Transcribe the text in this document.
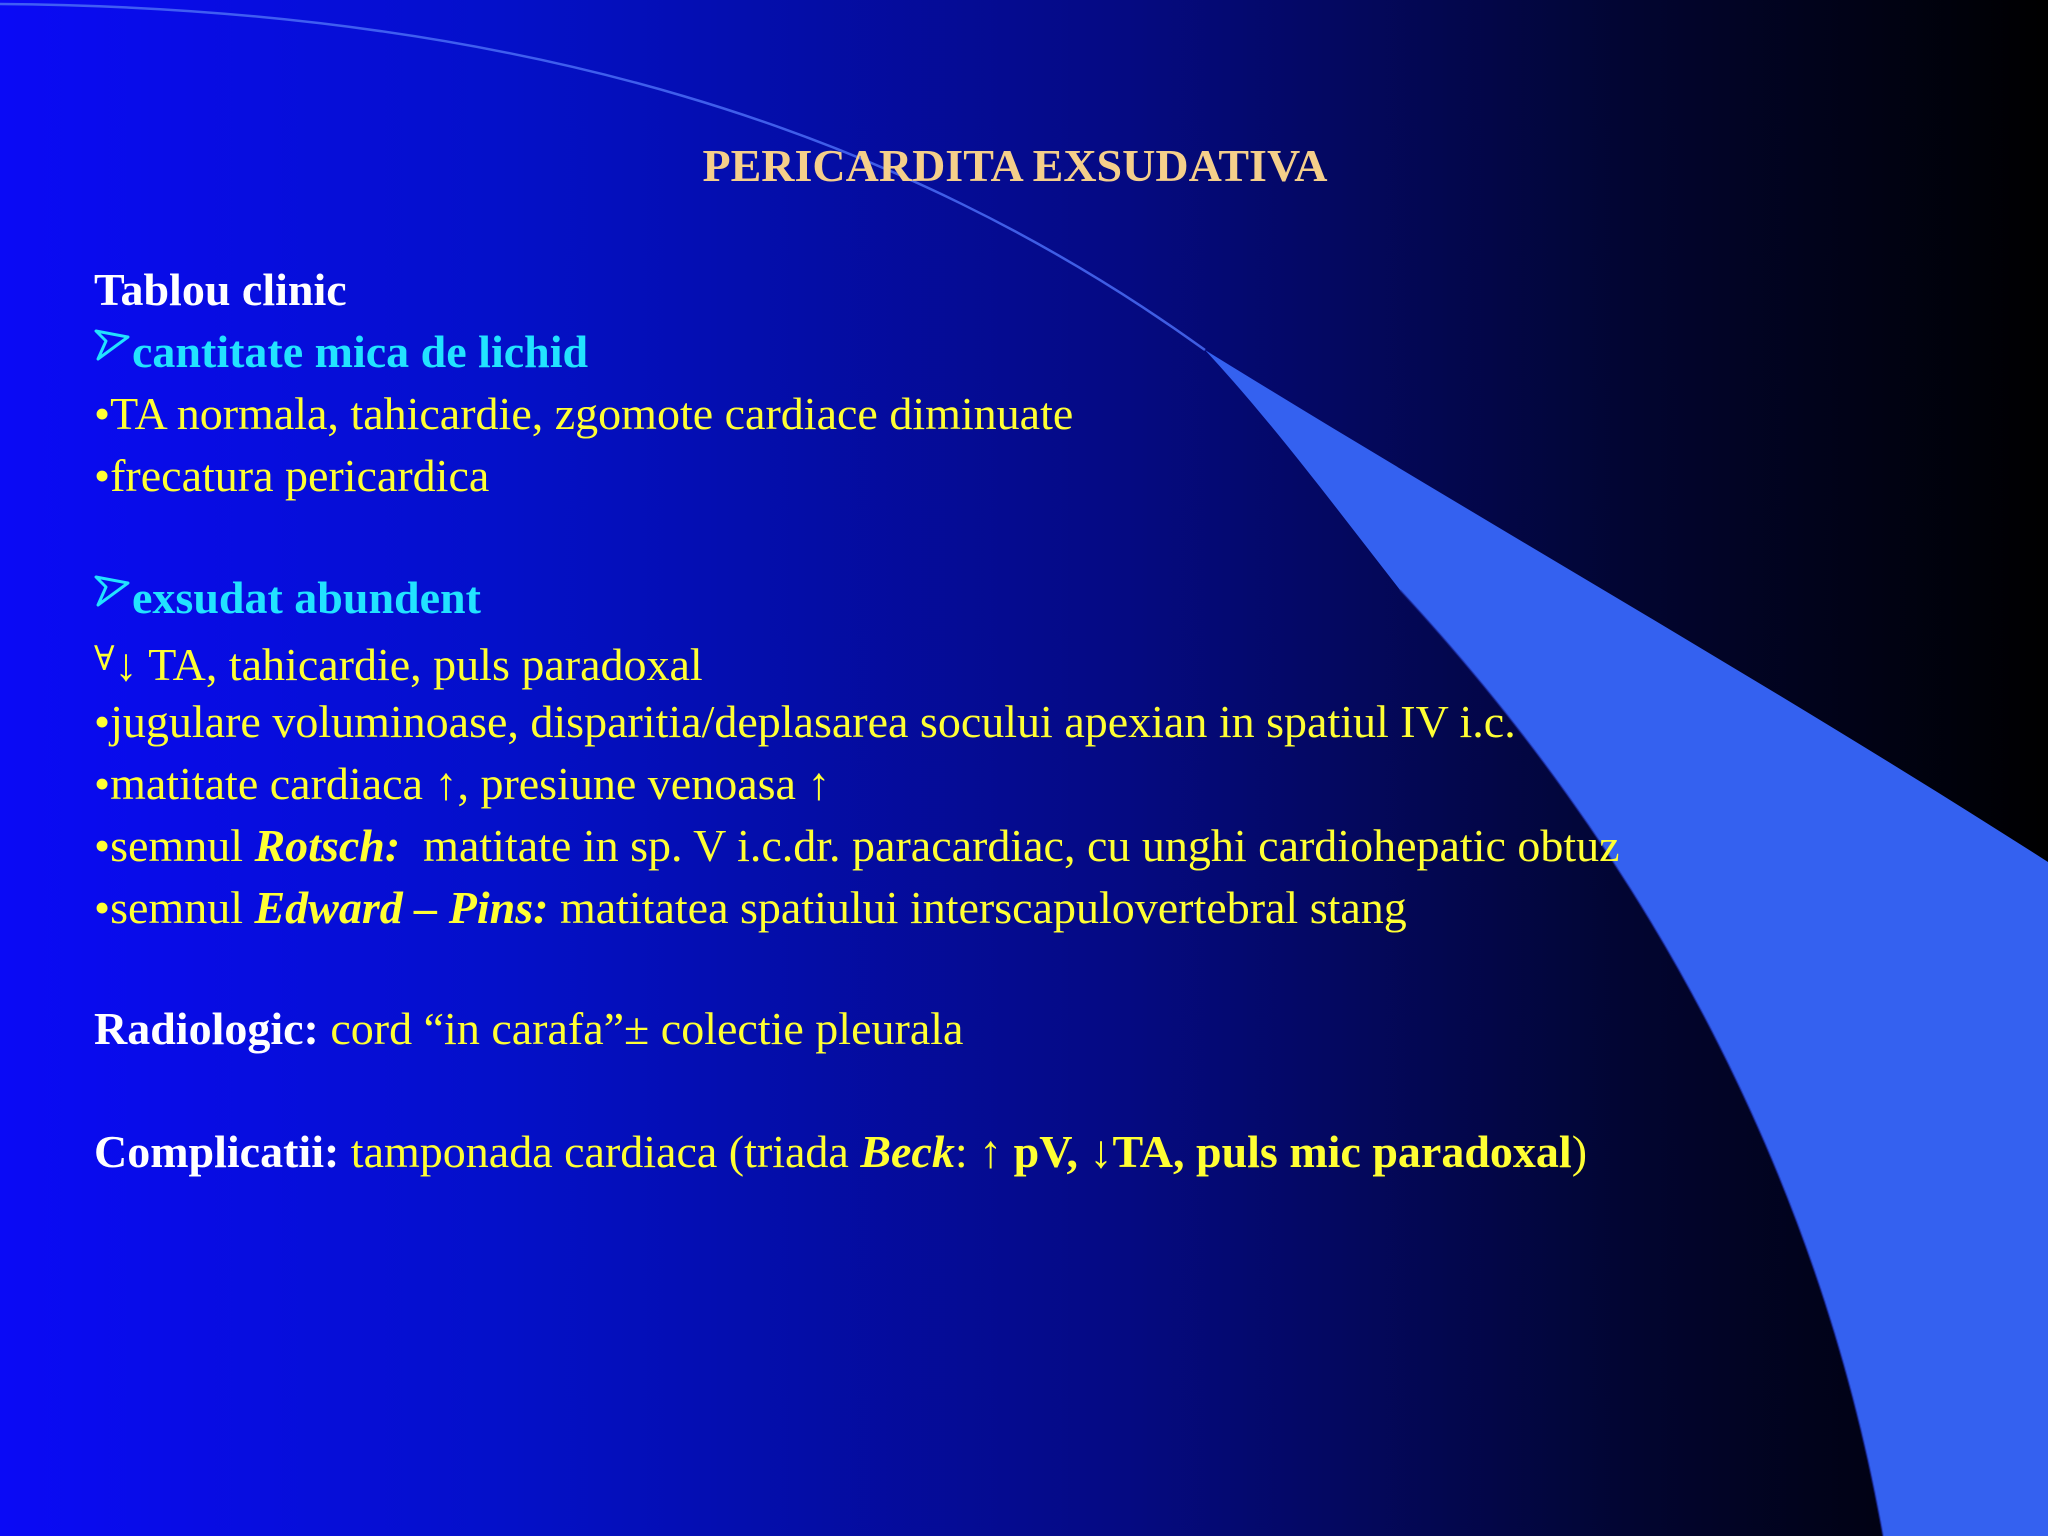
PERICARDITA EXSUDATIVA
Tablou clinic
cantitate mica de lichid
•TA normala, tahicardie, zgomote cardiace diminuate
•frecatura pericardica
exsudat abundent
∀↓ TA, tahicardie, puls paradoxal
•jugulare voluminoase, disparitia/deplasarea socului apexian in spatiul IV i.c.
•matitate cardiaca ↑, presiune venoasa ↑
•semnul Rotsch:  matitate in sp. V i.c.dr. paracardiac, cu unghi cardiohepatic obtuz
•semnul Edward – Pins: matitatea spatiului interscapulovertebral stang
Radiologic: cord “in carafa”± colectie pleurala
Complicatii: tamponada cardiaca (triada Beck: ↑ pV, ↓TA, puls mic paradoxal)
